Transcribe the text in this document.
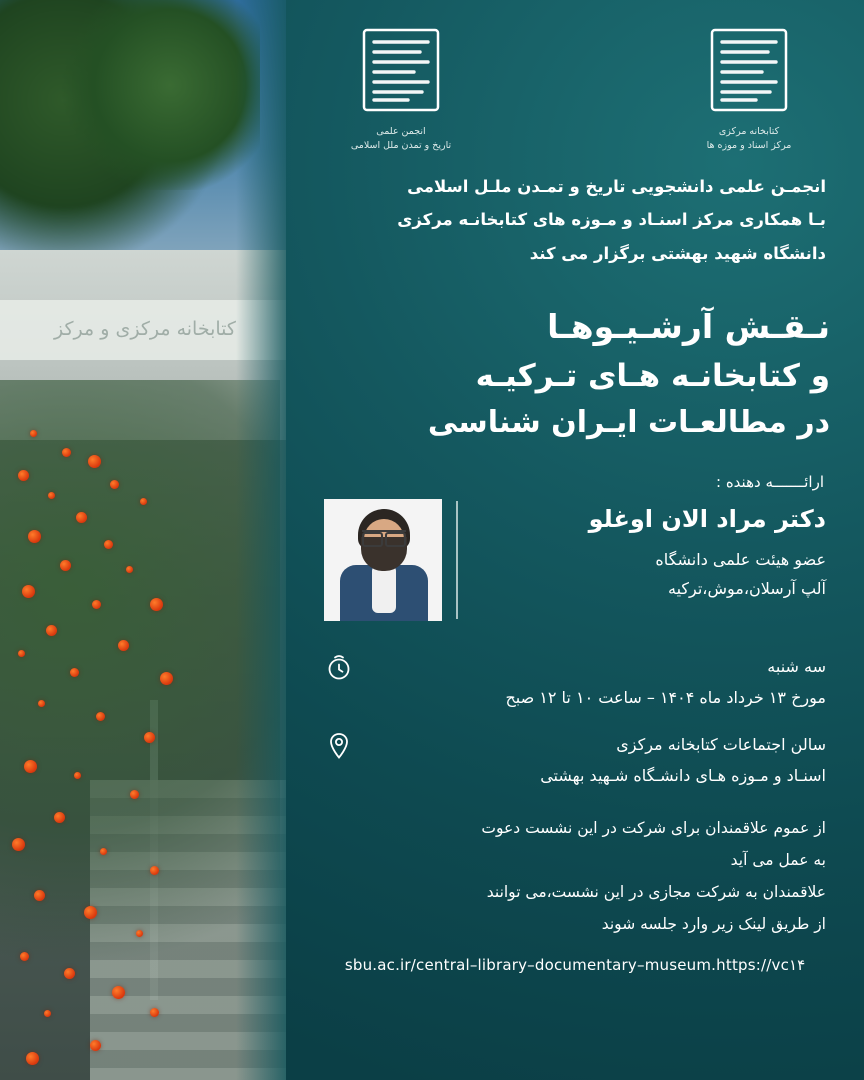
کتابخانه مرکزی و مرکز
کتابخانه مرکزی
مرکز اسناد و موزه ها
انجمن علمی
تاریخ و تمدن ملل اسلامی
انجمـن علمی دانشجویی تاریخ و تمـدن ملـل اسلامی
بـا همکاری مرکز اسنـاد و مـوزه های کتابخانـه مرکزی
دانشگاه شهید بهشتی برگزار می کند
نـقـش آرشـیـوهـا
و کتابخانـه هـای تـرکیـه
در مطالعـات ایـران شناسی
ارائـــــــه دهنده :
دکتر مراد الان اوغلو
عضو هیئت علمی دانشگاه
آلپ آرسلان،موش،ترکیه
سه شنبه
مورخ ۱۳ خرداد ماه ۱۴۰۴ – ساعت ۱۰ تا ۱۲ صبح
سالن اجتماعات کتابخانه مرکزی
اسنـاد و مـوزه هـای دانشـگاه شـهید بهشتی
از عموم علاقمندان برای شرکت در این نشست دعوت
به عمل می آید
علاقمندان به شرکت مجازی در این نشست،می توانند
از طریق لینک زیر وارد جلسه شوند
sbu.ac.ir/central–library–documentary–museum.https://vc۱۴
